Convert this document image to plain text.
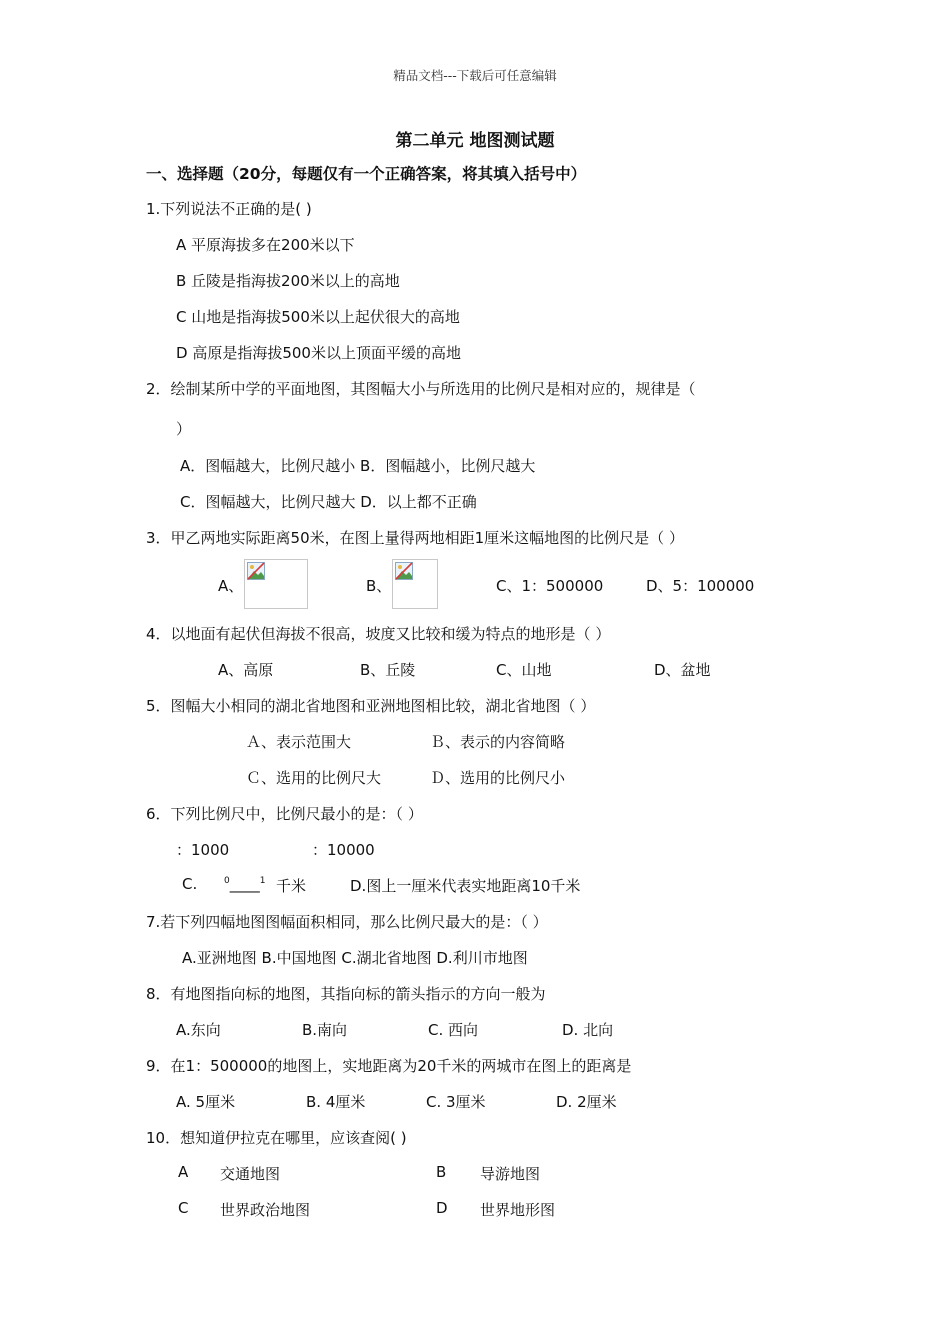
精品文档---下载后可任意编辑
第二单元 地图测试题
一、选择题（20分，每题仅有一个正确答案，将其填入括号中）
1.下列说法不正确的是( )
A 平原海拔多在200米以下
B 丘陵是指海拔200米以上的高地
C 山地是指海拔500米以上起伏很大的高地
D 高原是指海拔500米以上顶面平缓的高地
2．绘制某所中学的平面地图，其图幅大小与所选用的比例尺是相对应的，规律是（
）
A．图幅越大，比例尺越小 B．图幅越小，比例尺越大
C．图幅越大，比例尺越大 D．以上都不正确
3．甲乙两地实际距离50米，在图上量得两地相距1厘米这幅地图的比例尺是（ ）
A、	B、	C、1：500000	D、5：100000
4．以地面有起伏但海拔不很高，坡度又比较和缓为特点的地形是（ ）
A、高原	B、丘陵	C、山地	D、盆地
5．图幅大小相同的湖北省地图和亚洲地图相比较，湖北省地图（ ）
Ａ、表示范围大	Ｂ、表示的内容简略
Ｃ、选用的比例尺大	Ｄ、选用的比例尺小
6．下列比例尺中，比例尺最小的是：（ ）
：1000	：10000
C.	$^0$____$^1$ 千米	D.图上一厘米代表实地距离10千米
7.若下列四幅地图图幅面积相同，那么比例尺最大的是：（ ）
A.亚洲地图 B.中国地图 C.湖北省地图 D.利川市地图
8．有地图指向标的地图，其指向标的箭头指示的方向一般为
A.东向	B.南向	C. 西向	D. 北向
9．在1：500000的地图上，实地距离为20千米的两城市在图上的距离是
A. 5厘米	B. 4厘米	C. 3厘米	D. 2厘米
10．想知道伊拉克在哪里，应该查阅( )
A 交通地图	B 导游地图
C 世界政治地图	D 世界地形图
